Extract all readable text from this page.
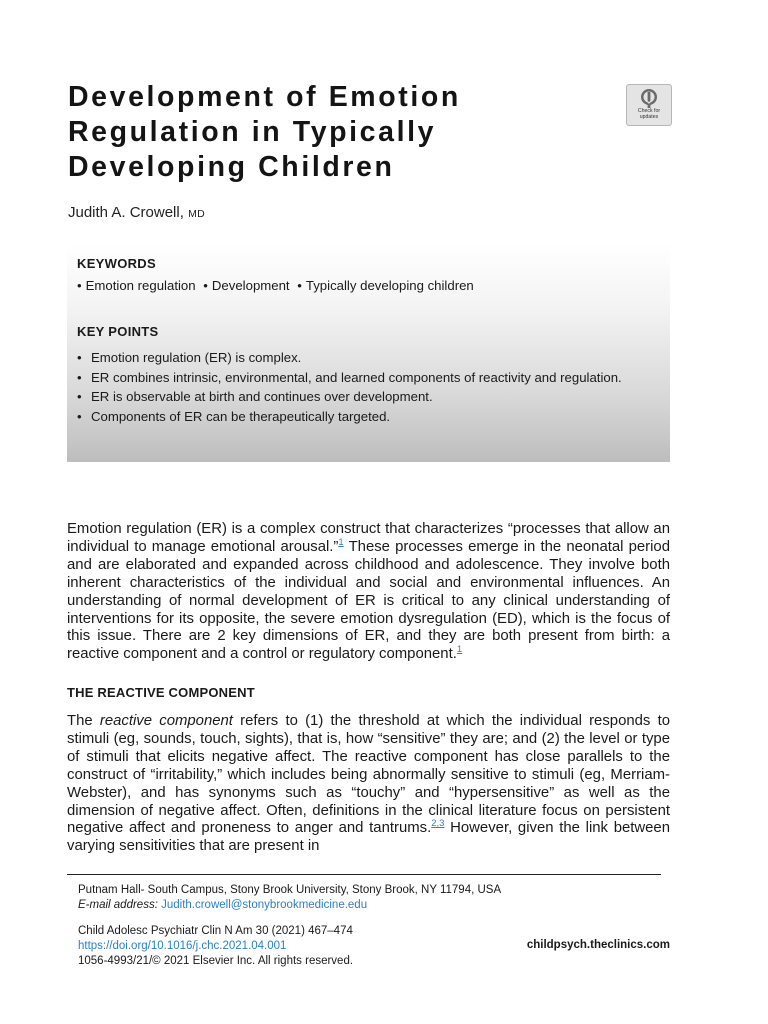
Development of Emotion
Regulation in Typically
Developing Children
Check for
updates
Judith A. Crowell, MD
KEYWORDS
• Emotion regulation • Development • Typically developing children
KEY POINTS
• Emotion regulation (ER) is complex.
• ER combines intrinsic, environmental, and learned components of reactivity and regulation.
• ER is observable at birth and continues over development.
• Components of ER can be therapeutically targeted.

Emotion regulation (ER) is a complex construct that characterizes “processes that allow an individual to manage emotional arousal.”$^1$ These processes emerge in the neonatal period and are elaborated and expanded across childhood and adolescence. They involve both inherent characteristics of the individual and social and environmental influences. An understanding of normal development of ER is critical to any clinical understanding of interventions for its opposite, the severe emotion dysregulation (ED), which is the focus of this issue. There are 2 key dimensions of ER, and they are both present from birth: a reactive component and a control or regulatory component.$^1$

THE REACTIVE COMPONENT

The reactive component refers to (1) the threshold at which the individual responds to stimuli (eg, sounds, touch, sights), that is, how “sensitive” they are; and (2) the level or type of stimuli that elicits negative affect. The reactive component has close parallels to the construct of “irritability,” which includes being abnormally sensitive to stimuli (eg, Merriam-Webster), and has synonyms such as “touchy” and “hypersensitive” as well as the dimension of negative affect. Often, definitions in the clinical literature focus on persistent negative affect and proneness to anger and tantrums.$^{2,3}$ However, given the link between varying sensitivities that are present in

Putnam Hall- South Campus, Stony Brook University, Stony Brook, NY 11794, USA
E-mail address: Judith.crowell@stonybrookmedicine.edu
Child Adolesc Psychiatr Clin N Am 30 (2021) 467–474
https://doi.org/10.1016/j.chc.2021.04.001
1056-4993/21/© 2021 Elsevier Inc. All rights reserved.
childpsych.theclinics.com
